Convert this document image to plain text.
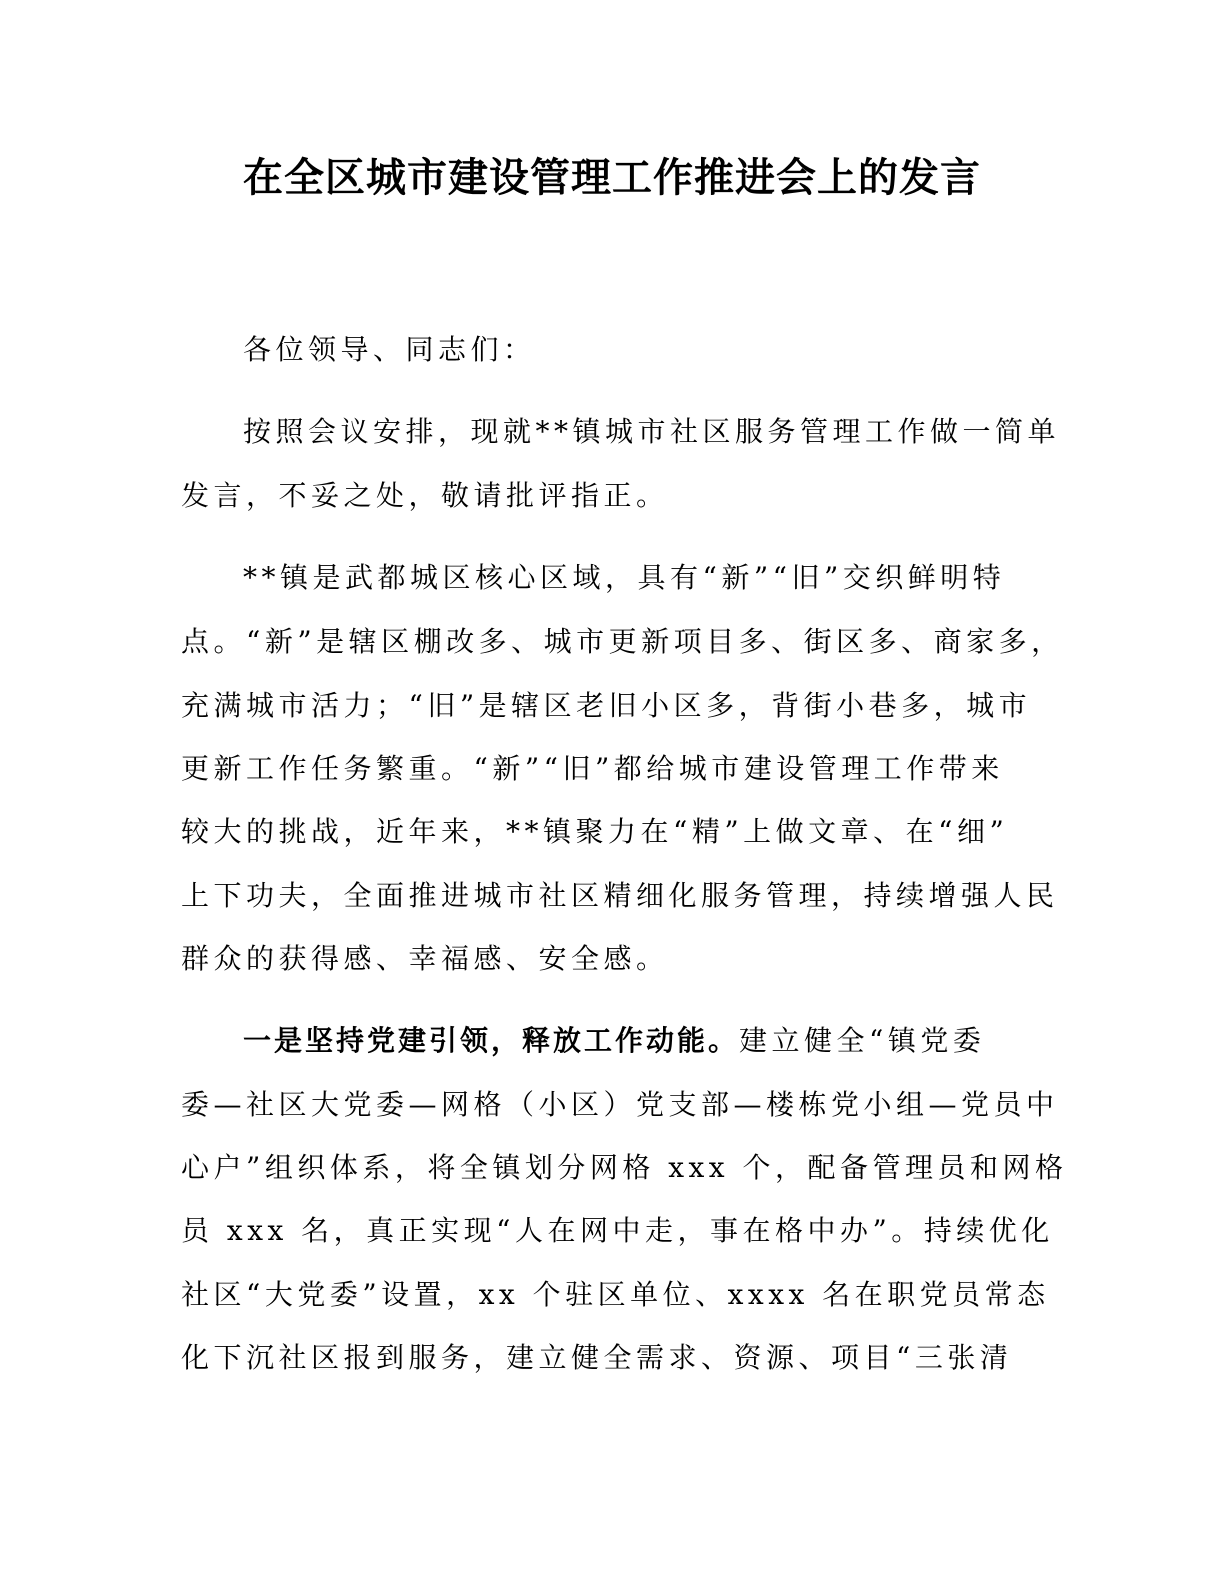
在全区城市建设管理工作推进会上的发言
各位领导、同志们：
按照会议安排，现就**镇城市社区服务管理工作做一简单
发言，不妥之处，敬请批评指正。
**镇是武都城区核心区域，具有“新”“旧”交织鲜明特
点。“新”是辖区棚改多、城市更新项目多、街区多、商家多，
充满城市活力；“旧”是辖区老旧小区多，背街小巷多，城市
更新工作任务繁重。“新”“旧”都给城市建设管理工作带来
较大的挑战，近年来，**镇聚力在“精”上做文章、在“细”
上下功夫，全面推进城市社区精细化服务管理，持续增强人民
群众的获得感、幸福感、安全感。
一是坚持党建引领，释放工作动能。建立健全“镇党委
委—社区大党委—网格（小区）党支部—楼栋党小组—党员中
心户”组织体系，将全镇划分网格 xxx 个，配备管理员和网格
员 xxx 名，真正实现“人在网中走，事在格中办”。持续优化
社区“大党委”设置，xx 个驻区单位、xxxx 名在职党员常态
化下沉社区报到服务，建立健全需求、资源、项目“三张清
